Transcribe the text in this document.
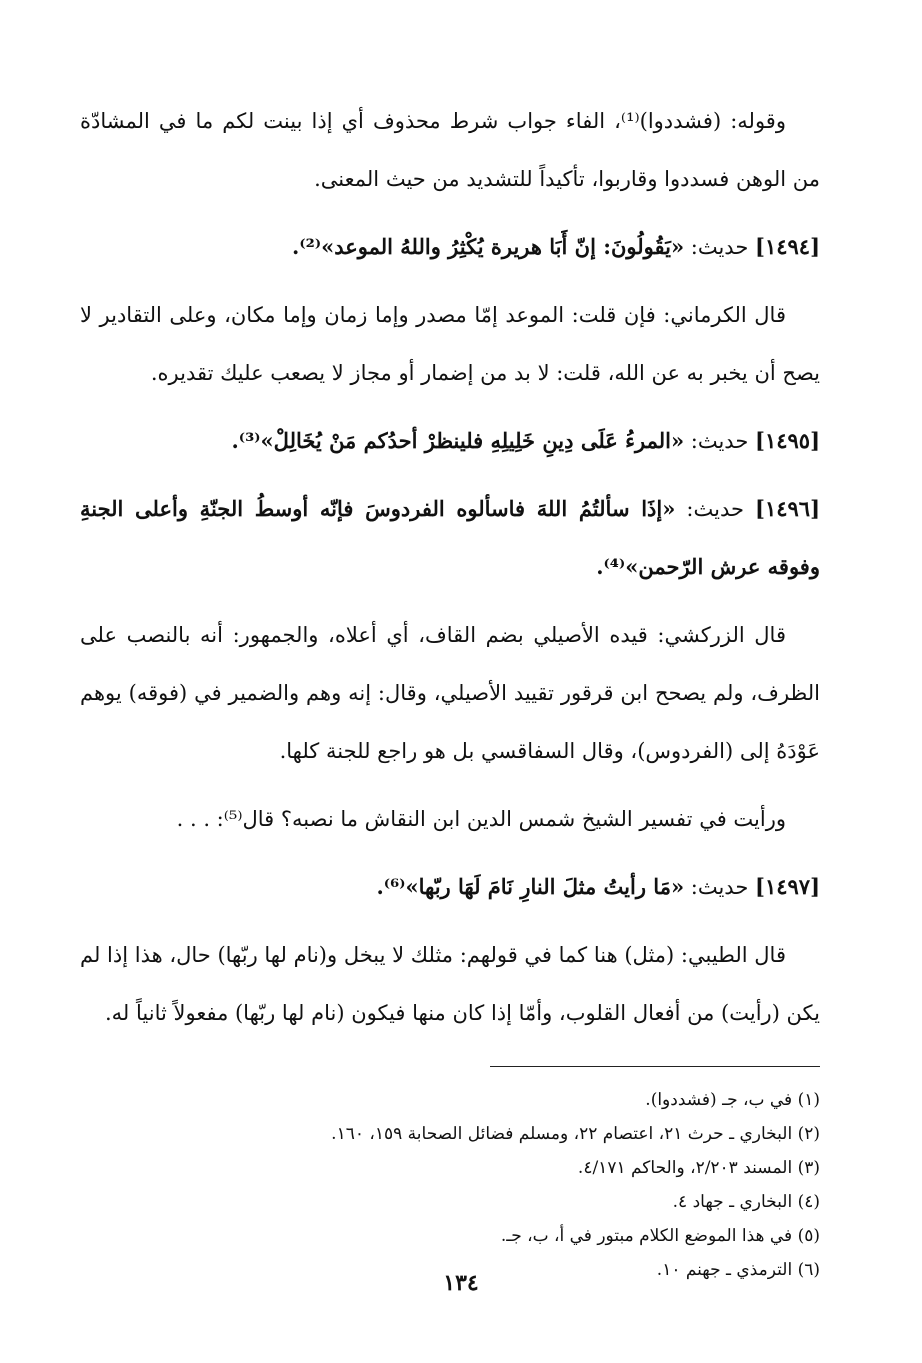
وقوله: (فشددوا)⁽¹⁾، الفاء جواب شرط محذوف أي إذا بينت لكم ما في المشادّة من الوهن فسددوا وقاربوا، تأكيداً للتشديد من حيث المعنى.

[١٤٩٤] حديث: «يَقُولُونَ: إنّ أَبَا هريرة يُكْثِرُ واللهُ الموعد»⁽²⁾.

قال الكرماني: فإن قلت: الموعد إمّا مصدر وإما زمان وإما مكان، وعلى التقادير لا يصح أن يخبر به عن الله، قلت: لا بد من إضمار أو مجاز لا يصعب عليك تقديره.

[١٤٩٥] حديث: «المرءُ عَلَى دِينِ خَلِيلِهِ فلينظرْ أحدُكم مَنْ يُخَالِلْ»⁽³⁾.

[١٤٩٦] حديث: «إذَا سألتُمُ اللهَ فاسألوه الفردوسَ فإنّه أوسطُ الجنّةِ وأعلى الجنةِ وفوقه عرش الرّحمن»⁽⁴⁾.

قال الزركشي: قيده الأصيلي بضم القاف، أي أعلاه، والجمهور: أنه بالنصب على الظرف، ولم يصحح ابن قرقور تقييد الأصيلي، وقال: إنه وهم والضمير في (فوقه) يوهم عَوْدَهُ إلى (الفردوس)، وقال السفاقسي بل هو راجع للجنة كلها.

ورأيت في تفسير الشيخ شمس الدين ابن النقاش ما نصبه؟ قال⁽⁵⁾: . . .

[١٤٩٧] حديث: «مَا رأيتُ مثلَ النارِ نَامَ لَهَا ربّها»⁽⁶⁾.

قال الطيبي: (مثل) هنا كما في قولهم: مثلك لا يبخل و(نام لها ربّها) حال، هذا إذا لم يكن (رأيت) من أفعال القلوب، وأمّا إذا كان منها فيكون (نام لها ربّها) مفعولاً ثانياً له.

(١) في ب، جـ (فشددوا).
(٢) البخاري ـ حرث ٢١، اعتصام ٢٢، ومسلم فضائل الصحابة ١٥٩، ١٦٠.
(٣) المسند ٢/٢٠٣، والحاكم ٤/١٧١.
(٤) البخاري ـ جهاد ٤.
(٥) في هذا الموضع الكلام مبتور في أ، ب، جـ.
(٦) الترمذي ـ جهنم ١٠.
١٣٤
